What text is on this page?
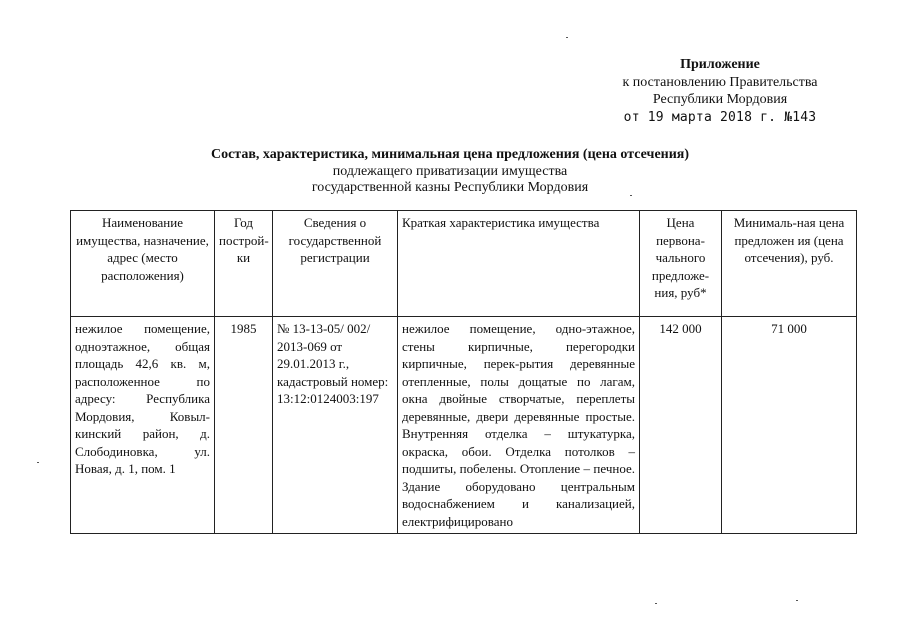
Приложение
к постановлению Правительства
Республики Мордовия
от 19 марта 2018 г. №143
Состав, характеристика, минимальная цена предложения (цена отсечения)
подлежащего приватизации имущества
государственной казны Республики Мордовия
Наименование имущества, назначение, адрес (место расположения)	Год построй-ки	Сведения о государственной регистрации	Краткая характеристика имущества	Цена первона-чального предложе-ния, руб*	Минималь-ная цена предложен ия (цена отсечения), руб.
нежилое помещение, одноэтажное, общая площадь 42,6 кв. м, расположенное по адресу: Республика Мордовия, Ковыл-кинский район, д. Слободиновка, ул. Новая, д. 1, пом. 1	1985	№ 13-13-05/ 002/ 2013-069 от 29.01.2013 г., кадастровый номер: 13:12:0124003:197	нежилое помещение, одно-этажное, стены кирпичные, перегородки кирпичные, перек-рытия деревянные отепленные, полы дощатые по лагам, окна двойные створчатые, переплеты деревянные, двери деревянные простые. Внутренняя отделка – штукатурка, окраска, обои. Отделка потолков – подшиты, побелены. Отопление – печное. Здание оборудовано центральным водоснабжением и канализацией, електрифицировано	142 000	71 000
